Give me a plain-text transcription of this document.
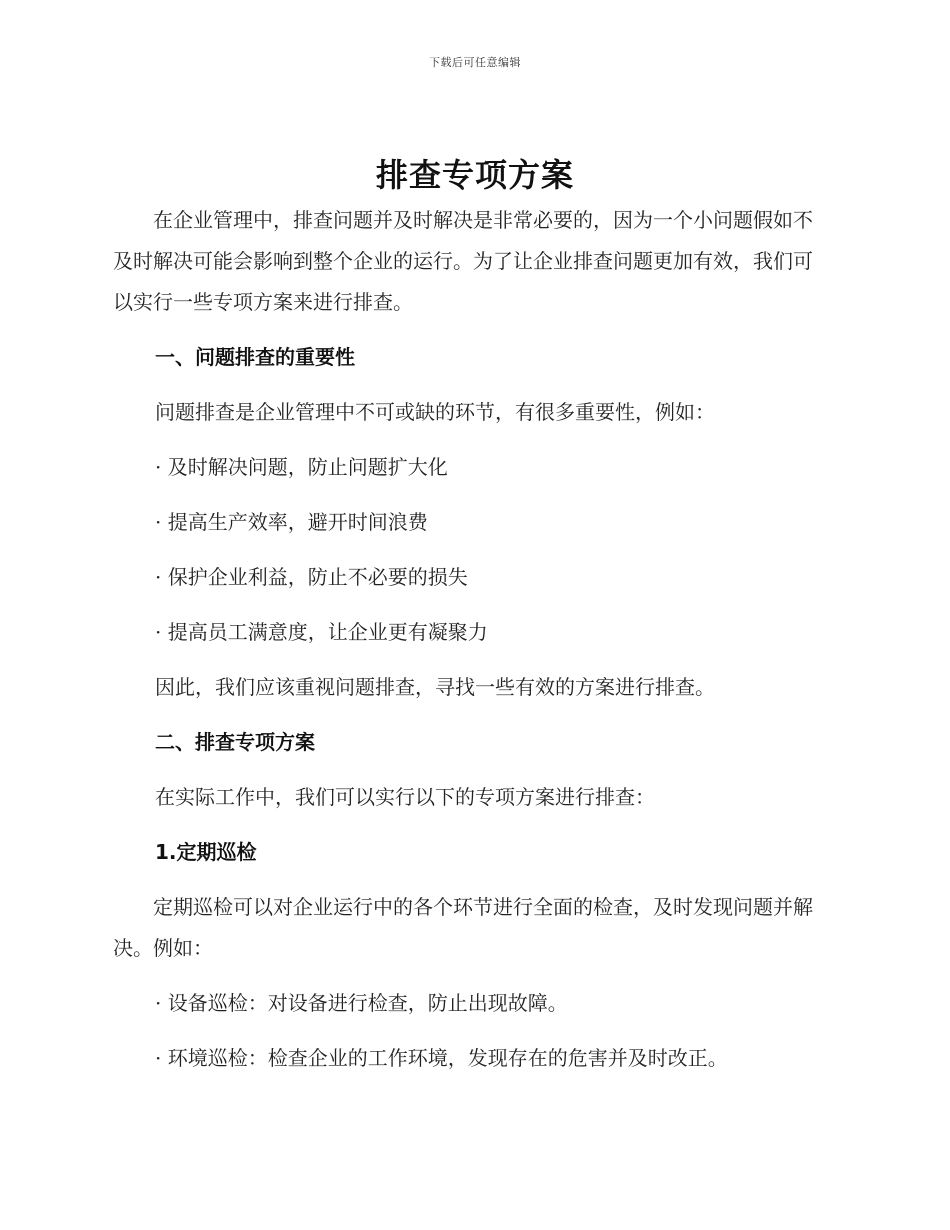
下载后可任意编辑
排查专项方案

在企业管理中，排查问题并及时解决是非常必要的，因为一个小问题假如不及时解决可能会影响到整个企业的运行。为了让企业排查问题更加有效，我们可以实行一些专项方案来进行排查。

一、问题排查的重要性

问题排查是企业管理中不可或缺的环节，有很多重要性，例如：

· 及时解决问题，防止问题扩大化

· 提高生产效率，避开时间浪费

· 保护企业利益，防止不必要的损失

· 提高员工满意度，让企业更有凝聚力

因此，我们应该重视问题排查，寻找一些有效的方案进行排查。

二、排查专项方案

在实际工作中，我们可以实行以下的专项方案进行排查：

1.定期巡检

定期巡检可以对企业运行中的各个环节进行全面的检查，及时发现问题并解决。例如：

· 设备巡检：对设备进行检查，防止出现故障。

· 环境巡检：检查企业的工作环境，发现存在的危害并及时改正。
